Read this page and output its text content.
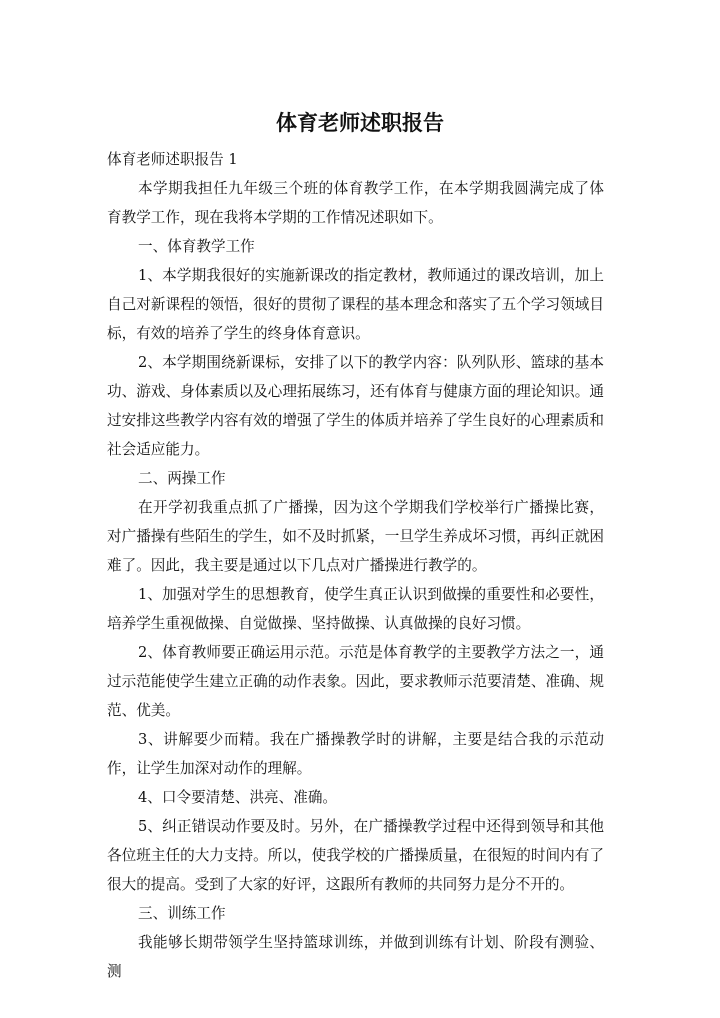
体育老师述职报告

体育老师述职报告 1

本学期我担任九年级三个班的体育教学工作，在本学期我圆满完成了体育教学工作，现在我将本学期的工作情况述职如下。

一、体育教学工作

1、本学期我很好的实施新课改的指定教材，教师通过的课改培训，加上自己对新课程的领悟，很好的贯彻了课程的基本理念和落实了五个学习领域目标，有效的培养了学生的终身体育意识。

2、本学期围绕新课标，安排了以下的教学内容：队列队形、篮球的基本功、游戏、身体素质以及心理拓展练习，还有体育与健康方面的理论知识。通过安排这些教学内容有效的增强了学生的体质并培养了学生良好的心理素质和社会适应能力。

二、两操工作

在开学初我重点抓了广播操，因为这个学期我们学校举行广播操比赛，对广播操有些陌生的学生，如不及时抓紧，一旦学生养成坏习惯，再纠正就困难了。因此，我主要是通过以下几点对广播操进行教学的。

1、加强对学生的思想教育，使学生真正认识到做操的重要性和必要性，培养学生重视做操、自觉做操、坚持做操、认真做操的良好习惯。

2、体育教师要正确运用示范。示范是体育教学的主要教学方法之一，通过示范能使学生建立正确的动作表象。因此，要求教师示范要清楚、准确、规范、优美。

3、讲解要少而精。我在广播操教学时的讲解，主要是结合我的示范动作，让学生加深对动作的理解。

4、口令要清楚、洪亮、准确。

5、纠正错误动作要及时。另外，在广播操教学过程中还得到领导和其他各位班主任的大力支持。所以，使我学校的广播操质量，在很短的时间内有了很大的提高。受到了大家的好评，这跟所有教师的共同努力是分不开的。

三、训练工作

我能够长期带领学生坚持篮球训练，并做到训练有计划、阶段有测验、测
